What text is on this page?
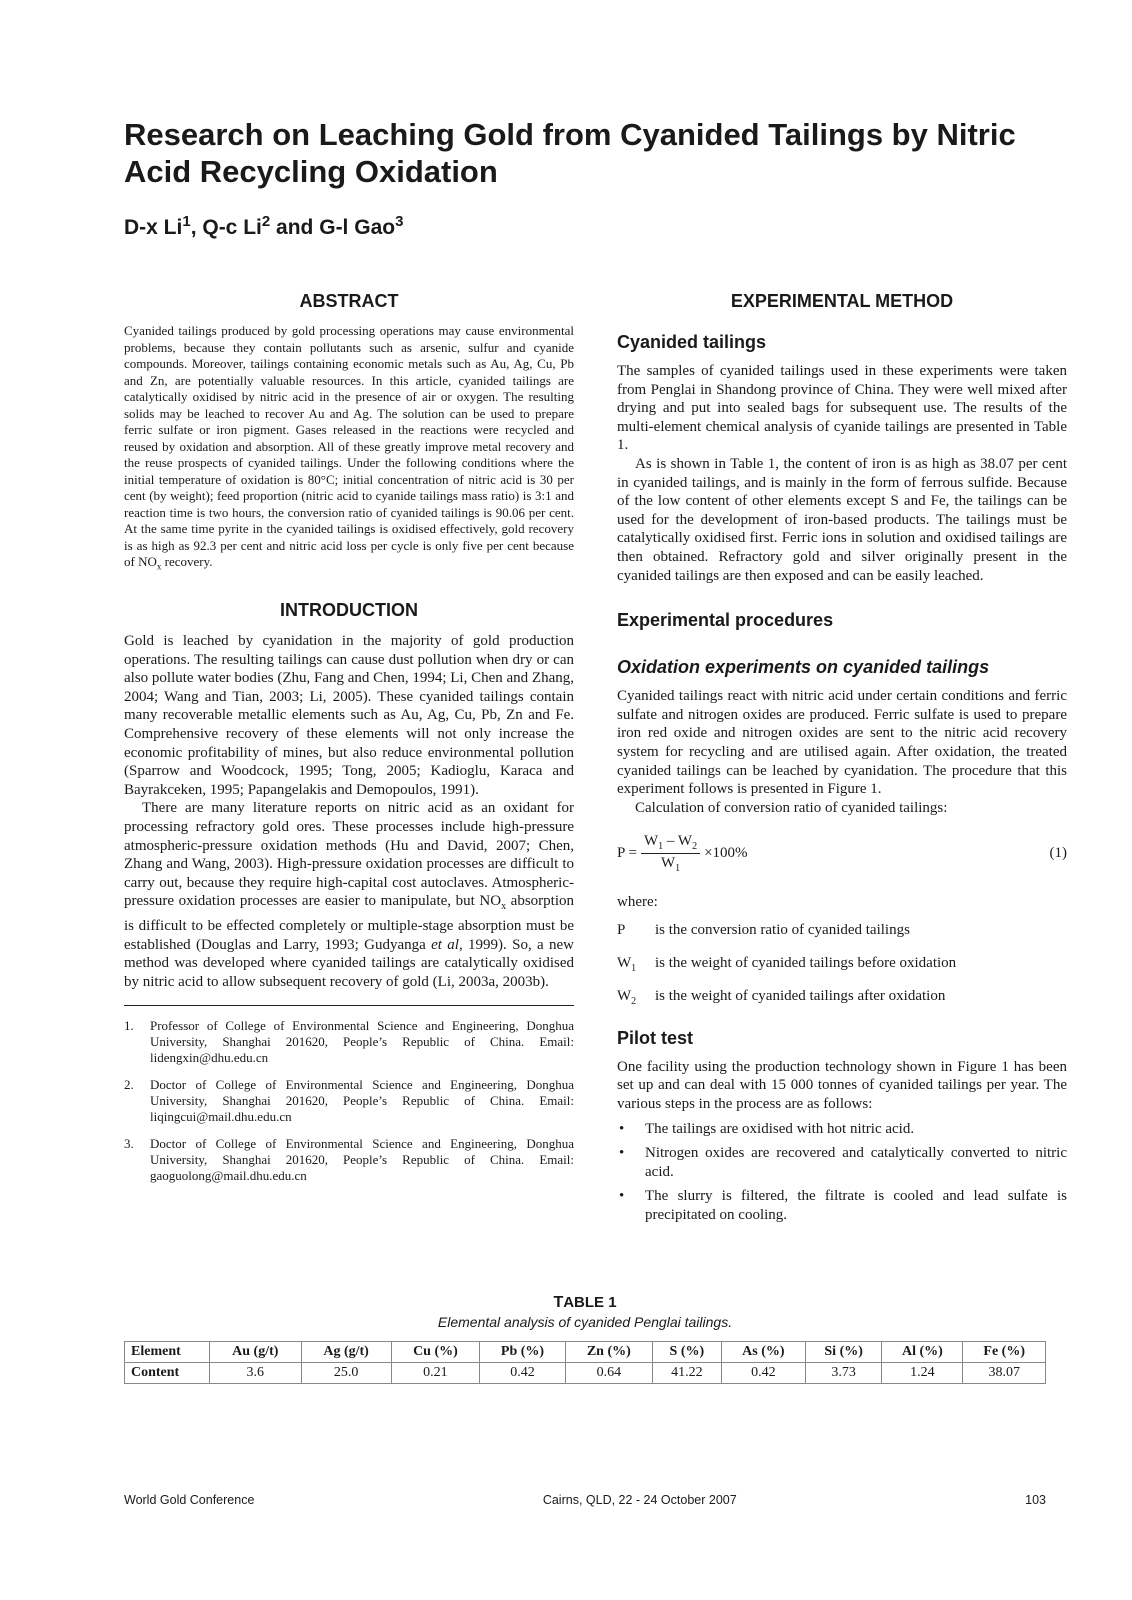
Research on Leaching Gold from Cyanided Tailings by Nitric Acid Recycling Oxidation

D-x Li$^1$, Q-c Li$^2$ and G-l Gao$^3$

ABSTRACT

Cyanided tailings produced by gold processing operations may cause environmental problems, because they contain pollutants such as arsenic, sulfur and cyanide compounds. Moreover, tailings containing economic metals such as Au, Ag, Cu, Pb and Zn, are potentially valuable resources. In this article, cyanided tailings are catalytically oxidised by nitric acid in the presence of air or oxygen. The resulting solids may be leached to recover Au and Ag. The solution can be used to prepare ferric sulfate or iron pigment. Gases released in the reactions were recycled and reused by oxidation and absorption. All of these greatly improve metal recovery and the reuse prospects of cyanided tailings. Under the following conditions where the initial temperature of oxidation is 80°C; initial concentration of nitric acid is 30 per cent (by weight); feed proportion (nitric acid to cyanide tailings mass ratio) is 3:1 and reaction time is two hours, the conversion ratio of cyanided tailings is 90.06 per cent. At the same time pyrite in the cyanided tailings is oxidised effectively, gold recovery is as high as 92.3 per cent and nitric acid loss per cycle is only five per cent because of $NO_x$ recovery.

INTRODUCTION

Gold is leached by cyanidation in the majority of gold production operations. The resulting tailings can cause dust pollution when dry or can also pollute water bodies (Zhu, Fang and Chen, 1994; Li, Chen and Zhang, 2004; Wang and Tian, 2003; Li, 2005). These cyanided tailings contain many recoverable metallic elements such as Au, Ag, Cu, Pb, Zn and Fe. Comprehensive recovery of these elements will not only increase the economic profitability of mines, but also reduce environmental pollution (Sparrow and Woodcock, 1995; Tong, 2005; Kadioglu, Karaca and Bayrakceken, 1995; Papangelakis and Demopoulos, 1991).

There are many literature reports on nitric acid as an oxidant for processing refractory gold ores. These processes include high-pressure atmospheric-pressure oxidation methods (Hu and David, 2007; Chen, Zhang and Wang, 2003). High-pressure oxidation processes are difficult to carry out, because they require high-capital cost autoclaves. Atmospheric-pressure oxidation processes are easier to manipulate, but $NO_x$ absorption is difficult to be effected completely or multiple-stage absorption must be established (Douglas and Larry, 1993; Gudyanga et al, 1999). So, a new method was developed where cyanided tailings are catalytically oxidised by nitric acid to allow subsequent recovery of gold (Li, 2003a, 2003b).

1.	Professor of College of Environmental Science and Engineering, Donghua University, Shanghai 201620, People’s Republic of China. Email: lidengxin@dhu.edu.cn
2.	Doctor of College of Environmental Science and Engineering, Donghua University, Shanghai 201620, People’s Republic of China. Email: liqingcui@mail.dhu.edu.cn
3.	Doctor of College of Environmental Science and Engineering, Donghua University, Shanghai 201620, People’s Republic of China. Email: gaoguolong@mail.dhu.edu.cn
EXPERIMENTAL METHOD
Cyanided tailings

The samples of cyanided tailings used in these experiments were taken from Penglai in Shandong province of China. They were well mixed after drying and put into sealed bags for subsequent use. The results of the multi-element chemical analysis of cyanide tailings are presented in Table 1.

As is shown in Table 1, the content of iron is as high as 38.07 per cent in cyanided tailings, and is mainly in the form of ferrous sulfide. Because of the low content of other elements except S and Fe, the tailings can be used for the development of iron-based products. The tailings must be catalytically oxidised first. Ferric ions in solution and oxidised tailings are then obtained. Refractory gold and silver originally present in the cyanided tailings are then exposed and can be easily leached.

Experimental procedures
Oxidation experiments on cyanided tailings

Cyanided tailings react with nitric acid under certain conditions and ferric sulfate and nitrogen oxides are produced. Ferric sulfate is used to prepare iron red oxide and nitrogen oxides are sent to the nitric acid recovery system for recycling and are utilised again. After oxidation, the treated cyanided tailings can be leached by cyanidation. The procedure that this experiment follows is presented in Figure 1.

Calculation of conversion ratio of cyanided tailings:

$P = \frac{W_1 - W_2}{W_1} \times 100\%$	(1)

where:

P	is the conversion ratio of cyanided tailings
$W_1$	is the weight of cyanided tailings before oxidation
$W_2$	is the weight of cyanided tailings after oxidation
Pilot test

One facility using the production technology shown in Figure 1 has been set up and can deal with 15 000 tonnes of cyanided tailings per year. The various steps in the process are as follows:

•	The tailings are oxidised with hot nitric acid.
•	Nitrogen oxides are recovered and catalytically converted to nitric acid.
•	The slurry is filtered, the filtrate is cooled and lead sulfate is precipitated on cooling.
TABLE 1
Elemental analysis of cyanided Penglai tailings.
Element	Au (g/t)	Ag (g/t)	Cu (%)	Pb (%)	Zn (%)	S (%)	As (%)	Si (%)	Al (%)	Fe (%)
Content	3.6	25.0	0.21	0.42	0.64	41.22	0.42	3.73	1.24	38.07
World Gold Conference	Cairns, QLD, 22 - 24 October 2007	103
